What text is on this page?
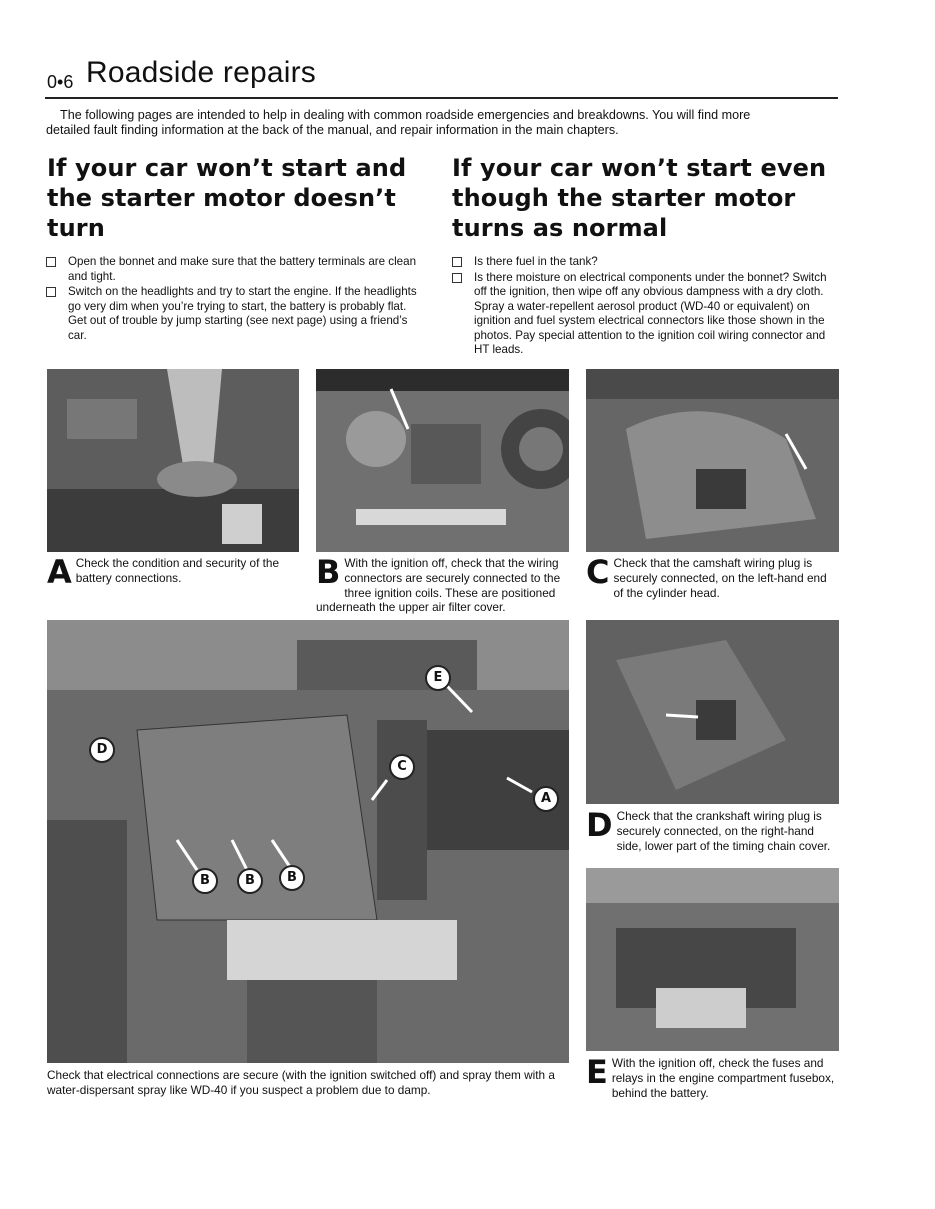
0•6 Roadside repairs
The following pages are intended to help in dealing with common roadside emergencies and breakdowns. You will find more
detailed fault finding information at the back of the manual, and repair information in the main chapters.
If your car won’t start and the starter motor doesn’t turn
If your car won’t start even though the starter motor turns as normal
Open the bonnet and make sure that the battery terminals are clean and tight.
Switch on the headlights and try to start the engine. If the headlights go very dim when you’re trying to start, the battery is probably flat. Get out of trouble by jump starting (see next page) using a friend’s car.
Is there fuel in the tank?
Is there moisture on electrical components under the bonnet? Switch off the ignition, then wipe off any obvious dampness with a dry cloth. Spray a water-repellent aerosol product (WD-40 or equivalent) on ignition and fuel system electrical connectors like those shown in the photos. Pay special attention to the ignition coil wiring connector and HT leads.
A Check the condition and security of the battery connections.	B With the ignition off, check that the wiring connectors are securely connected to the three ignition coils. These are positioned underneath the upper air filter cover.
C Check that the camshaft wiring plug is securely connected, on the left-hand end of the cylinder head.
D
E
C
A
B	B	B
D Check that the crankshaft wiring plug is securely connected, on the right-hand side, lower part of the timing chain cover.
E With the ignition off, check the fuses and relays in the engine compartment fusebox, behind the battery.
Check that electrical connections are secure (with the ignition switched off) and spray them with a water-dispersant spray like WD-40 if you suspect a problem due to damp.
